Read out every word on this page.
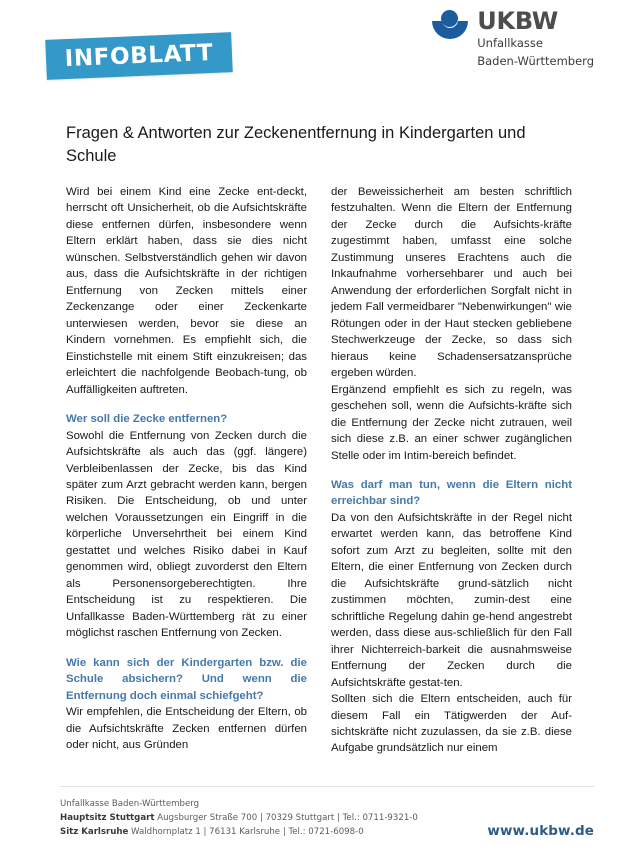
INFOBLATT
UKBW
Unfallkasse
Baden-Württemberg
Fragen & Antworten zur Zeckenentfernung in Kindergarten und Schule

Wird bei einem Kind eine Zecke ent-deckt, herrscht oft Unsicherheit, ob die Aufsichtskräfte diese entfernen dürfen, insbesondere wenn Eltern erklärt haben, dass sie dies nicht wünschen. Selbstverständlich gehen wir davon aus, dass die Aufsichtskräfte in der richtigen Entfernung von Zecken mittels einer Zeckenzange oder einer Zeckenkarte unterwiesen werden, bevor sie diese an Kindern vornehmen. Es empfiehlt sich, die Einstichstelle mit einem Stift einzukreisen; das erleichtert die nachfolgende Beobach-tung, ob Auffälligkeiten auftreten.

Wer soll die Zecke entfernen?

Sowohl die Entfernung von Zecken durch die Aufsichtskräfte als auch das (ggf. längere) Verbleibenlassen der Zecke, bis das Kind später zum Arzt gebracht werden kann, bergen Risiken. Die Entscheidung, ob und unter welchen Voraussetzungen ein Eingriff in die körperliche Unversehrtheit bei einem Kind gestattet und welches Risiko dabei in Kauf genommen wird, obliegt zuvorderst den Eltern als Personensorgeberechtigten. Ihre Entscheidung ist zu respektieren. Die Unfallkasse Baden-Württemberg rät zu einer möglichst raschen Entfernung von Zecken.

Wie kann sich der Kindergarten bzw. die Schule absichern? Und wenn die Entfernung doch einmal schiefgeht?

Wir empfehlen, die Entscheidung der Eltern, ob die Aufsichtskräfte Zecken entfernen dürfen oder nicht, aus Gründen

der Beweissicherheit am besten schriftlich festzuhalten. Wenn die Eltern der Entfernung der Zecke durch die Aufsichts-kräfte zugestimmt haben, umfasst eine solche Zustimmung unseres Erachtens auch die Inkaufnahme vorhersehbarer und auch bei Anwendung der erforderlichen Sorgfalt nicht in jedem Fall vermeidbarer "Nebenwirkungen" wie Rötungen oder in der Haut stecken gebliebene Stechwerkzeuge der Zecke, so dass sich hieraus keine Schadensersatzansprüche ergeben würden.

Ergänzend empfiehlt es sich zu regeln, was geschehen soll, wenn die Aufsichts-kräfte sich die Entfernung der Zecke nicht zutrauen, weil sich diese z.B. an einer schwer zugänglichen Stelle oder im Intim-bereich befindet.

Was darf man tun, wenn die Eltern nicht erreichbar sind?

Da von den Aufsichtskräfte in der Regel nicht erwartet werden kann, das betroffene Kind sofort zum Arzt zu begleiten, sollte mit den Eltern, die einer Entfernung von Zecken durch die Aufsichtskräfte grund-sätzlich nicht zustimmen möchten, zumin-dest eine schriftliche Regelung dahin ge-hend angestrebt werden, dass diese aus-schließlich für den Fall ihrer Nichterreich-barkeit die ausnahmsweise Entfernung der Zecken durch die Aufsichtskräfte gestat-ten.

Sollten sich die Eltern entscheiden, auch für diesem Fall ein Tätigwerden der Auf-sichtskräfte nicht zuzulassen, da sie z.B. diese Aufgabe grundsätzlich nur einem

Unfallkasse Baden-Württemberg
Hauptsitz Stuttgart Augsburger Straße 700 | 70329 Stuttgart | Tel.: 0711-9321-0
Sitz Karlsruhe Waldhornplatz 1 | 76131 Karlsruhe | Tel.: 0721-6098-0	www.ukbw.de
